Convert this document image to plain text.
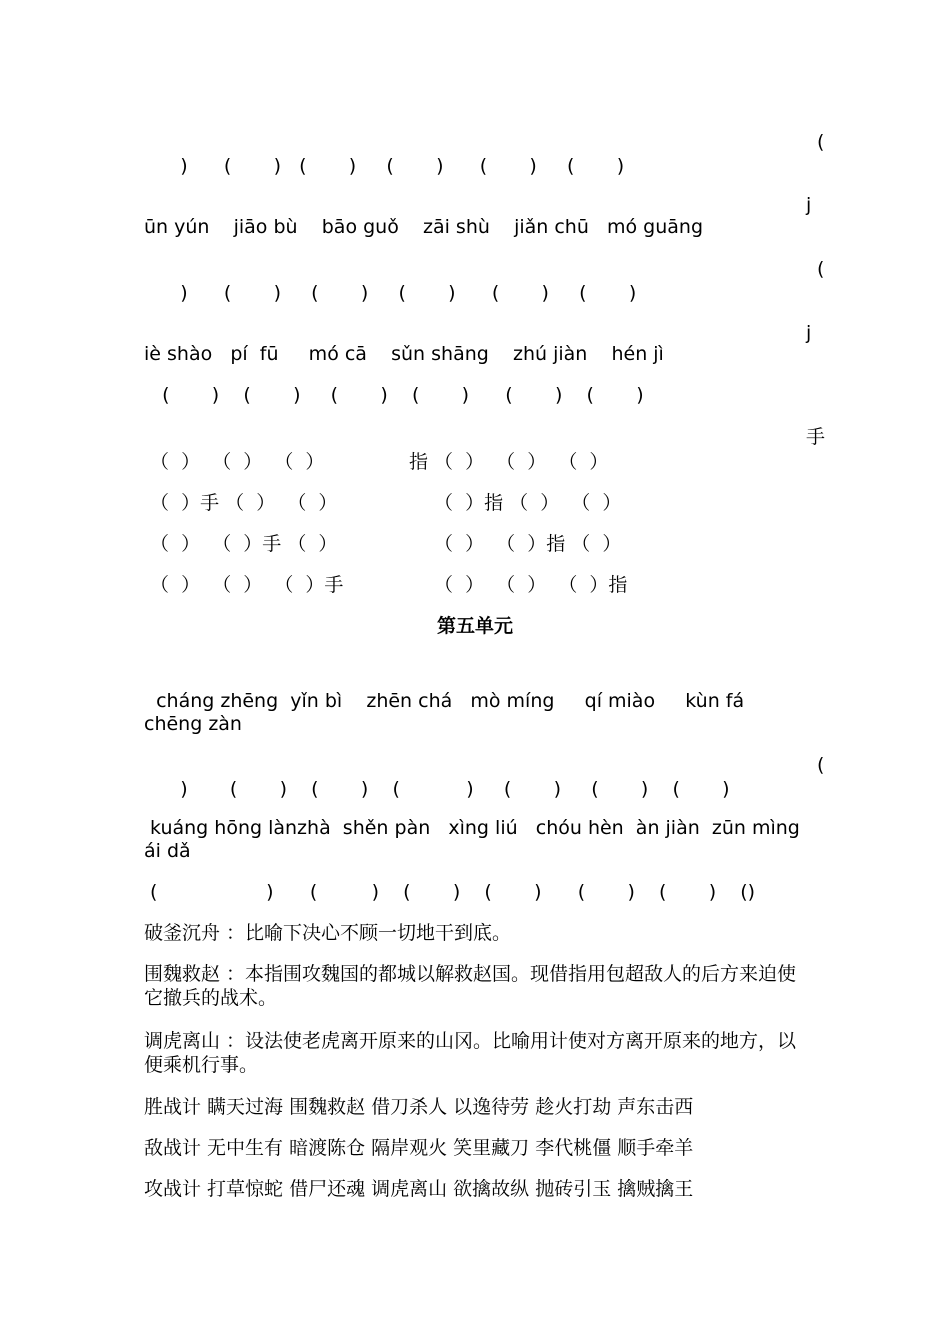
(
)      (       )   (       )     (       )      (       )     (       )
j
ūn yún    jiāo bù    bāo guǒ    zāi shù    jiǎn chū   mó guāng
(
)      (       )     (       )     (       )      (       )     (       )
j
iè shào   pí  fū     mó cā    sǔn shāng    zhú jiàn    hén jì
(       )    (       )     (       )    (       )      (       )    (       )
手
（  ）  （  ）  （  ）              指 （  ）  （  ）  （  ）
（  ）手 （  ）  （  ）                （  ）指 （  ）  （  ）
（  ）  （  ）手 （  ）                （  ）  （  ）指 （  ）
（  ）  （  ）  （  ）手               （  ）  （  ）  （  ）指
第五单元
cháng zhēng  yǐn bì    zhēn chá   mò míng     qí miào     kùn fá
chēng zàn
(
)       (       )    (       )    (           )     (       )     (       )    (       )
kuáng hōng lànzhà  shěn pàn   xìng liú   chóu hèn  àn jiàn  zūn mìng
ái dǎ
(                  )      (         )    (       )    (       )      (       )    (       )    ()
破釜沉舟 ：比喻下决心不顾一切地干到底。
围魏救赵 ：本指围攻魏国的都城以解救赵国。现借指用包超敌人的后方来迫使它撤兵的战术。
调虎离山 ：设法使老虎离开原来的山冈。比喻用计使对方离开原来的地方，以便乘机行事。
胜战计 瞒天过海 围魏救赵 借刀杀人 以逸待劳 趁火打劫 声东击西
敌战计 无中生有 暗渡陈仓 隔岸观火 笑里藏刀 李代桃僵 顺手牵羊
攻战计 打草惊蛇 借尸还魂 调虎离山 欲擒故纵 抛砖引玉 擒贼擒王
